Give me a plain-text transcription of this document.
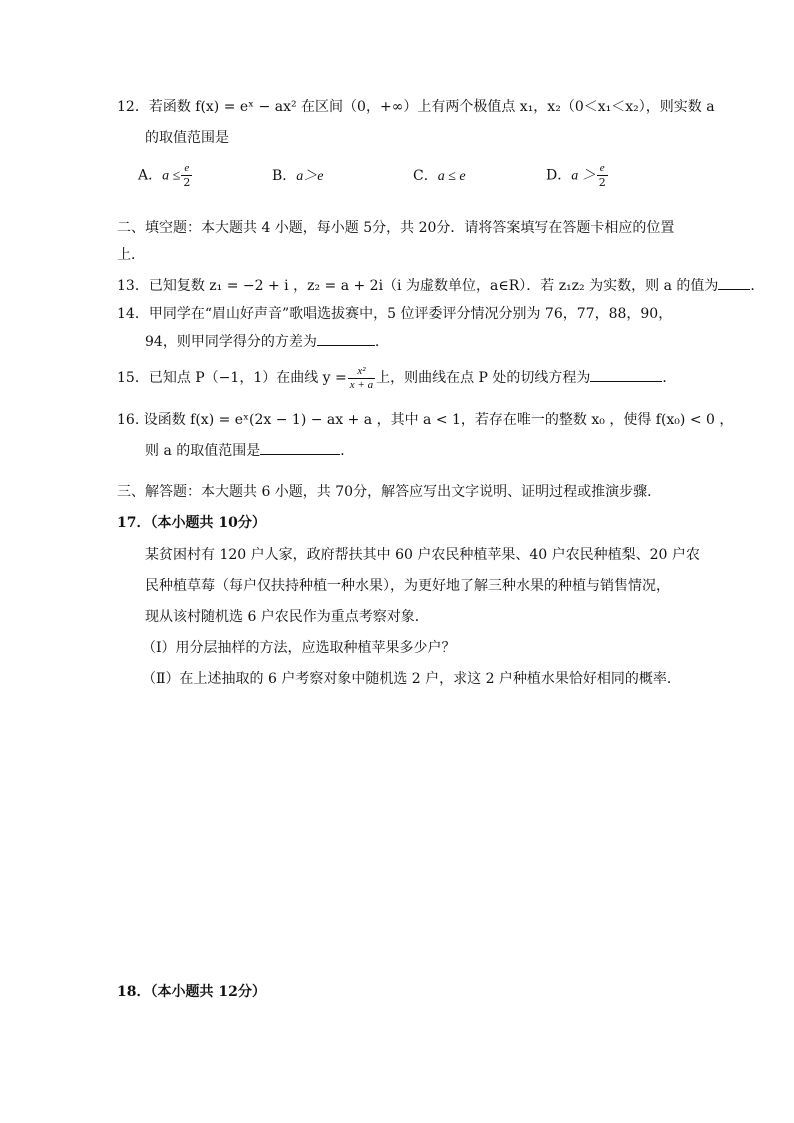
12．若函数 f(x) = eˣ − ax² 在区间（0，+∞）上有两个极值点 x₁，x₂（0＜x₁＜x₂），则实数 a
的取值范围是
A．$a \le \frac{e}{2}$	B．a＞e	C．a ≤ e	D．$a > \frac{e}{2}$
二、填空题：本大题共 4 小题，每小题 5分，共 20分．请将答案填写在答题卡相应的位置
上．
13．已知复数 z₁ = −2 + i ，z₂ = a + 2i（i 为虚数单位，a∈R）．若 z₁z₂ 为实数，则 a 的值为 ．
14．甲同学在“眉山好声音”歌唱选拔赛中，5 位评委评分情况分别为 76，77，88，90，
94，则甲同学得分的方差为	.
15．已知点 P（−1，1）在曲线 $y = \frac{\text{x²}}{x + a}$ 上，则曲线在点 P 处的切线方程为	．
16. 设函数 f(x) = eˣ(2x − 1) − ax + a ，其中 a < 1，若存在唯一的整数 x₀ ，使得 f(x₀) < 0 ，
则 a 的取值范围是	．
三、解答题：本大题共 6 小题，共 70分，解答应写出文字说明、证明过程或推演步骤．
17．（本小题共 10分）
某贫困村有 120 户人家，政府帮扶其中 60 户农民种植苹果、40 户农民种植梨、20 户农
民种植草莓（每户仅扶持种植一种水果），为更好地了解三种水果的种植与销售情况，
现从该村随机选 6 户农民作为重点考察对象．
（Ⅰ）用分层抽样的方法，应选取种植苹果多少户？
（Ⅱ）在上述抽取的 6 户考察对象中随机选 2 户，求这 2 户种植水果恰好相同的概率．
18．（本小题共 12分）
